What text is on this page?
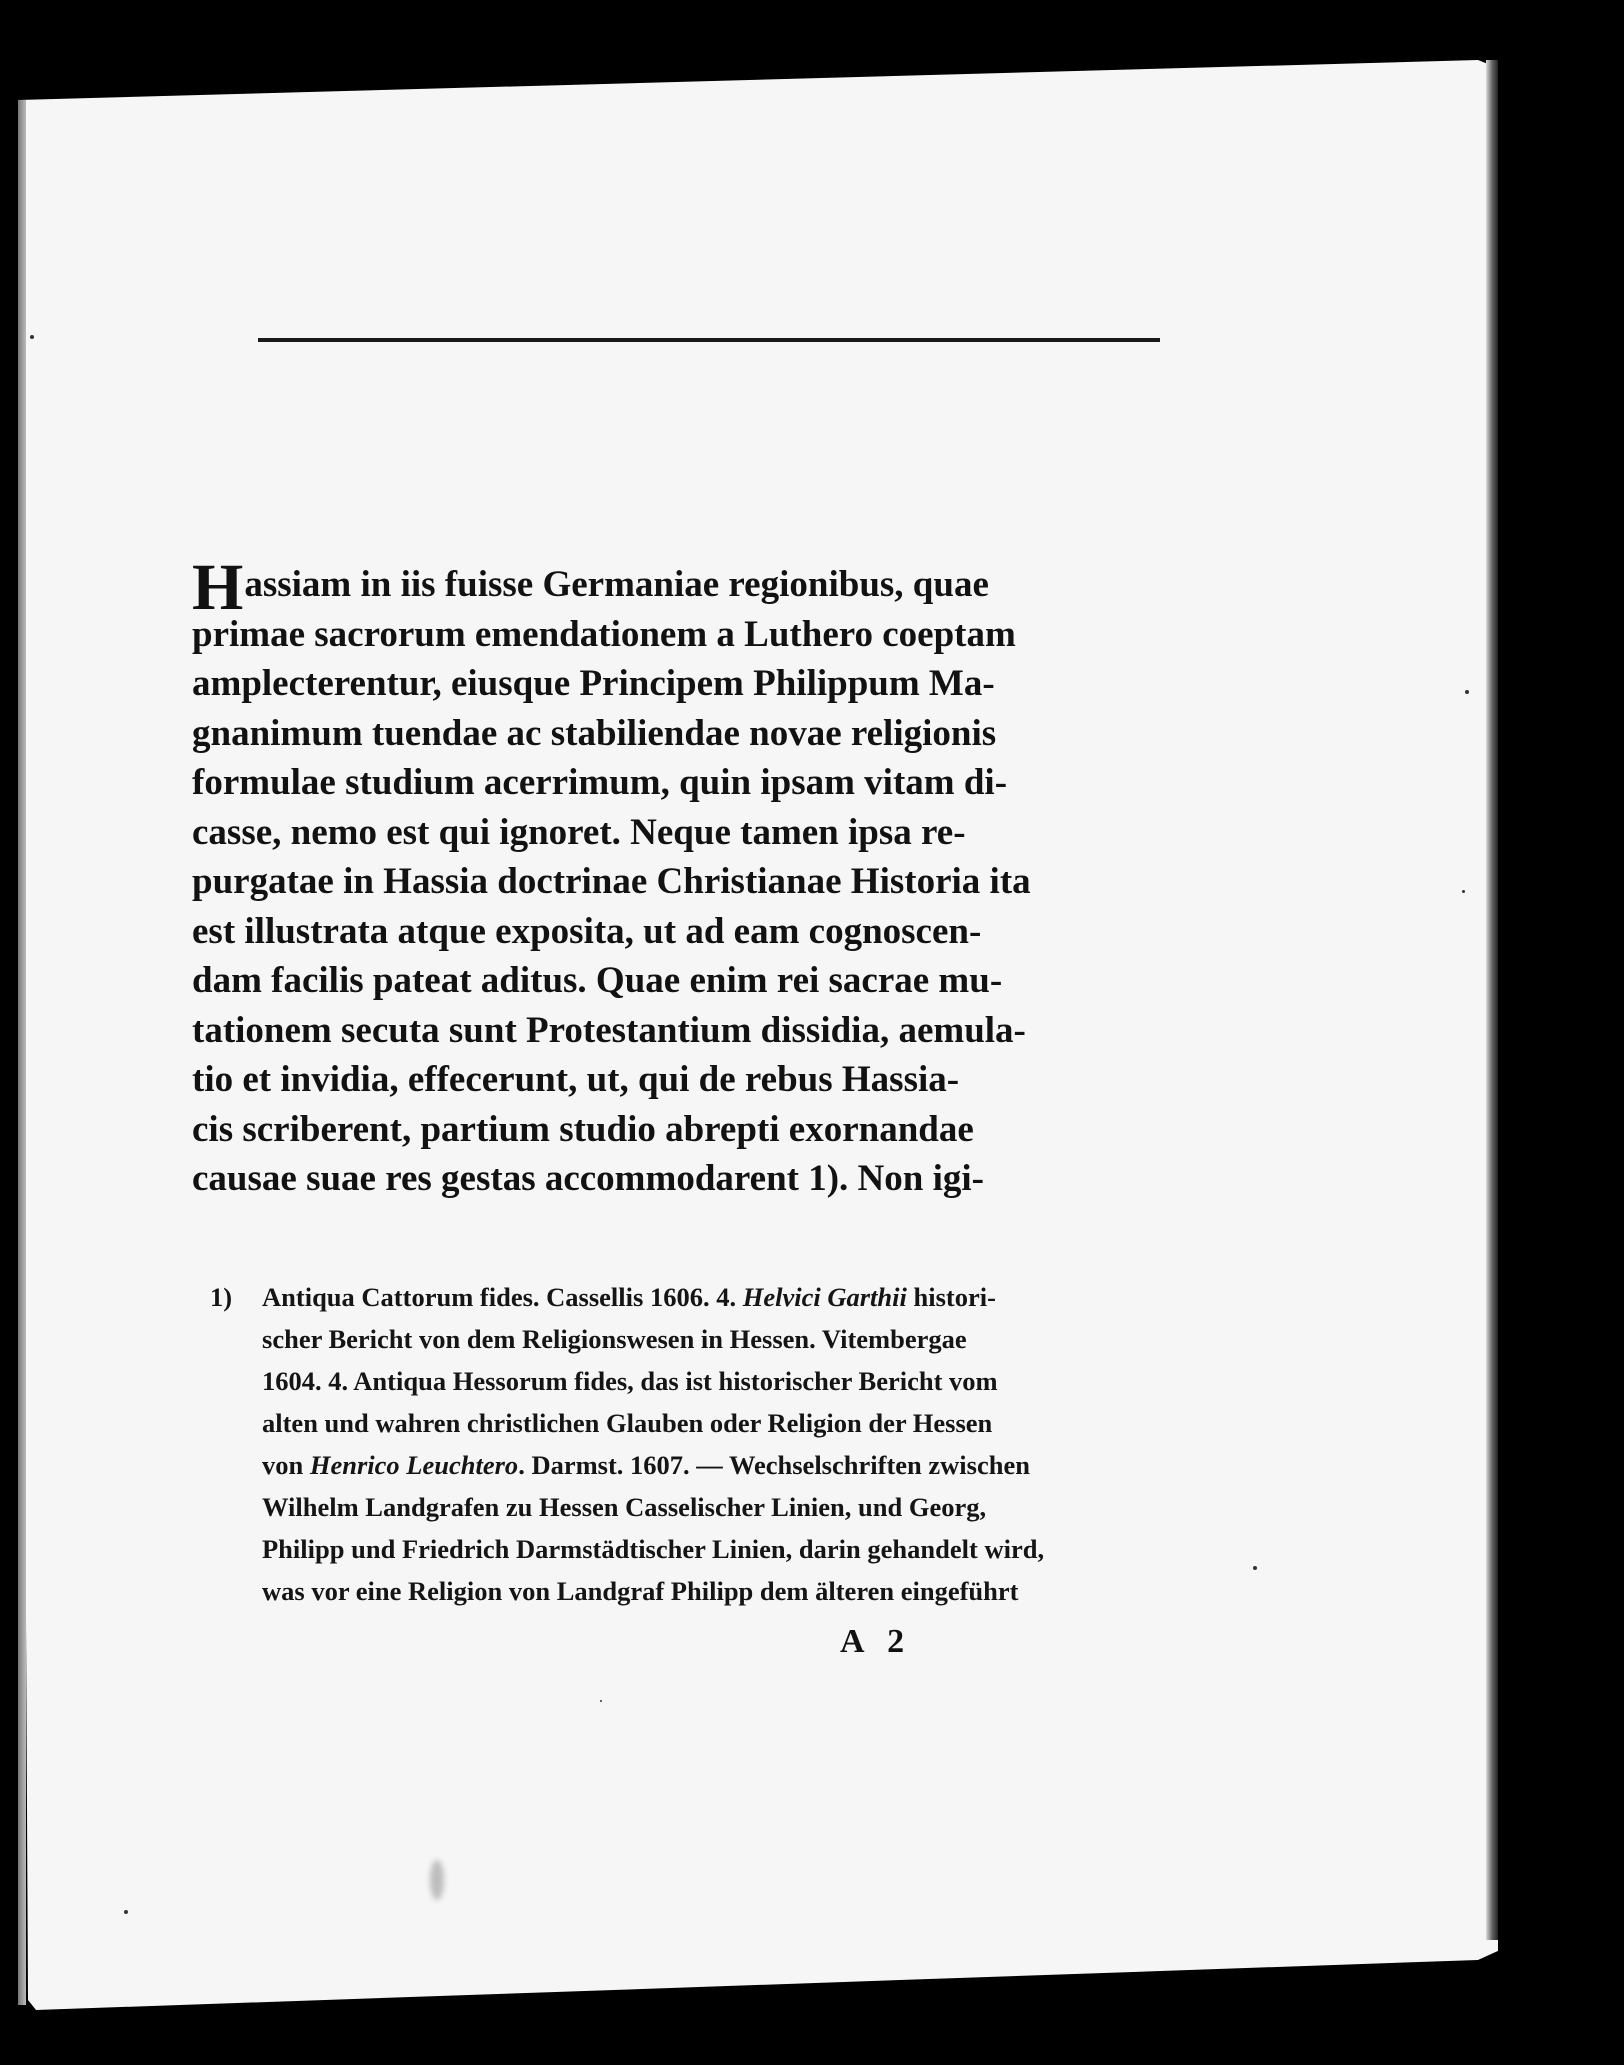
Hassiam in iis fuisse Germaniae regionibus, quae
primae sacrorum emendationem a Luthero coeptam
amplecterentur, eiusque Principem Philippum Ma-
gnanimum tuendae ac stabiliendae novae religionis
formulae studium acerrimum, quin ipsam vitam di-
casse, nemo est qui ignoret. Neque tamen ipsa re-
purgatae in Hassia doctrinae Christianae Historia ita
est illustrata atque exposita, ut ad eam cognoscen-
dam facilis pateat aditus. Quae enim rei sacrae mu-
tationem secuta sunt Protestantium dissidia, aemula-
tio et invidia, effecerunt, ut, qui de rebus Hassia-
cis scriberent, partium studio abrepti exornandae
causae suae res gestas accommodarent 1). Non igi-
1) Antiqua Cattorum fides. Cassellis 1606. 4. Helvici Garthii histori-
scher Bericht von dem Religionswesen in Hessen. Vitembergae
1604. 4. Antiqua Hessorum fides, das ist historischer Bericht vom
alten und wahren christlichen Glauben oder Religion der Hessen
von Henrico Leuchtero. Darmst. 1607. — Wechselschriften zwischen
Wilhelm Landgrafen zu Hessen Casselischer Linien, und Georg,
Philipp und Friedrich Darmstädtischer Linien, darin gehandelt wird,
was vor eine Religion von Landgraf Philipp dem älteren eingeführt
A 2
